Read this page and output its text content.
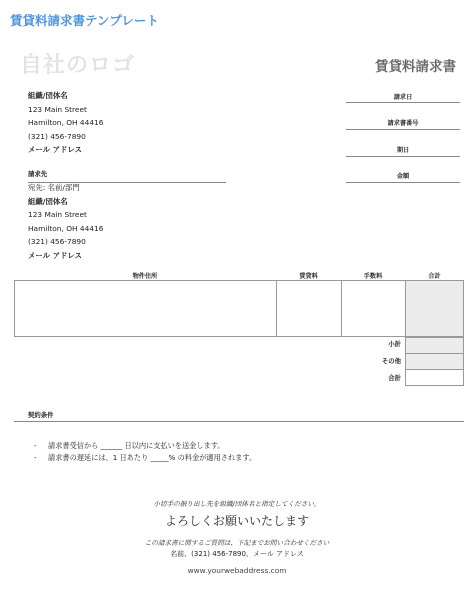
賃貸料請求書テンプレート
自社のロゴ	賃貸料請求書
組織/団体名
123 Main Street
Hamilton, OH 44416
(321) 456-7890
メール アドレス
請求日
請求書番号
期日
金額
請求先
宛先: 名前/部門
組織/団体名
123 Main Street
Hamilton, OH 44416
(321) 456-7890
メール アドレス
物件住所	賃貸料	手数料	合計
小計
その他
合計
契約条件
- 請求書受信から ______ 日以内に支払いを送金します。
- 請求書の遅延には、1 日あたり _____% の料金が適用されます。
小切手の振り出し先を組織/団体名と指定してください。
よろしくお願いいたします
この請求書に関するご質問は、下記までお問い合わせください
名前、(321) 456-7890、メール アドレス
www.yourwebaddress.com
